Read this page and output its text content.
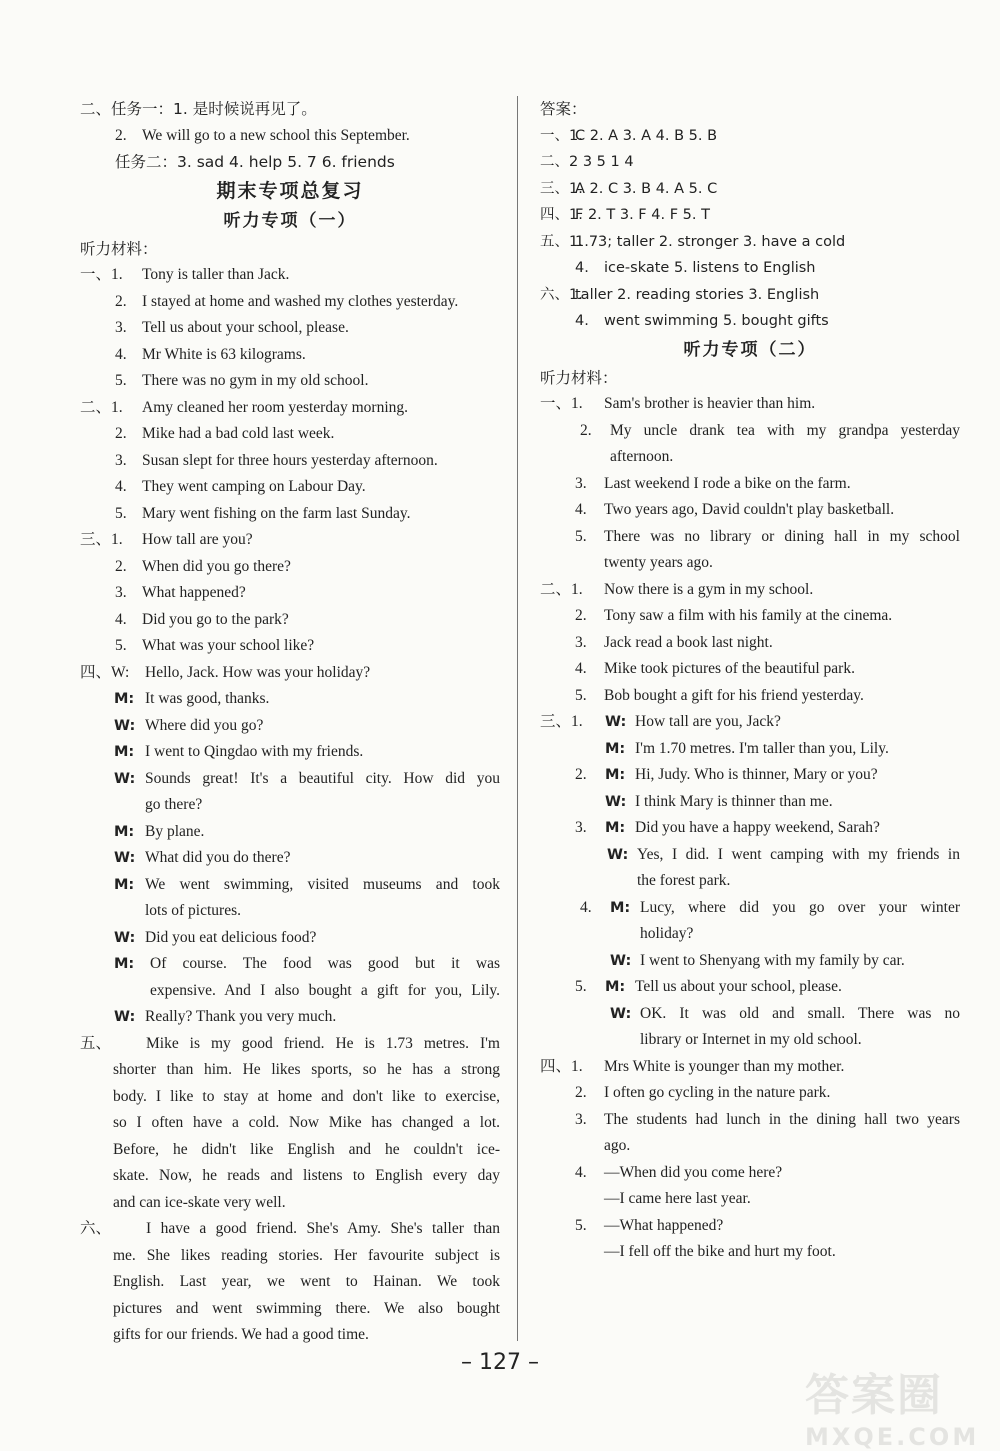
二、任务一：1. 是时候说再见了。
2. We will go to a new school this September.
任务二：3. sad 4. help 5. 7 6. friends
期末专项总复习
听力专项（一）
听力材料：
一、1. Tony is taller than Jack.
2. I stayed at home and washed my clothes yesterday.
3. Tell us about your school, please.
4. Mr White is 63 kilograms.
5. There was no gym in my old school.
二、1. Amy cleaned her room yesterday morning.
2. Mike had a bad cold last week.
3. Susan slept for three hours yesterday afternoon.
4. They went camping on Labour Day.
5. Mary went fishing on the farm last Sunday.
三、1. How tall are you?
2. When did you go there?
3. What happened?
4. Did you go to the park?
5. What was your school like?
四、W: Hello, Jack. How was your holiday?
M: It was good, thanks.
W: Where did you go?
M: I went to Qingdao with my friends.
W: Sounds great! It's a beautiful city. How did you
go there?
M: By plane.
W: What did you do there?
M: We went swimming, visited museums and took
lots of pictures.
W: Did you eat delicious food?
M: Of course. The food was good but it was
expensive. And I also bought a gift for you, Lily.
W: Really? Thank you very much.
五、 Mike is my good friend. He is 1.73 metres. I'm
shorter than him. He likes sports, so he has a strong
body. I like to stay at home and don't like to exercise,
so I often have a cold. Now Mike has changed a lot.
Before, he didn't like English and he couldn't ice-
skate. Now, he reads and listens to English every day
and can ice-skate very well.
六、 I have a good friend. She's Amy. She's taller than
me. She likes reading stories. Her favourite subject is
English. Last year, we went to Hainan. We took
pictures and went swimming there. We also bought
gifts for our friends. We had a good time.
答案：
一、1.
C 2. A 3. A 4. B 5. B
二、2 3 5 1 4
三、1.
A 2. C 3. B 4. A 5. C
四、1.
F 2. T 3. F 4. F 5. T
五、1.
1.73; taller 2. stronger 3. have a cold
4. ice-skate 5. listens to English
六、1.
taller 2. reading stories 3. English
4. went swimming 5. bought gifts
听力专项（二）
听力材料：
一、1. Sam's brother is heavier than him.
2. My uncle drank tea with my grandpa yesterday
afternoon.
3. Last weekend I rode a bike on the farm.
4. Two years ago, David couldn't play basketball.
5. There was no library or dining hall in my school
twenty years ago.
二、1. Now there is a gym in my school.
2. Tony saw a film with his family at the cinema.
3. Jack read a book last night.
4. Mike took pictures of the beautiful park.
5. Bob bought a gift for his friend yesterday.
三、1. W: How tall are you, Jack?
M: I'm 1.70 metres. I'm taller than you, Lily.
2. M: Hi, Judy. Who is thinner, Mary or you?
W: I think Mary is thinner than me.
3. M: Did you have a happy weekend, Sarah?
W: Yes, I did. I went camping with my friends in
the forest park.
4. M: Lucy, where did you go over your winter
holiday?
W: I went to Shenyang with my family by car.
5. M: Tell us about your school, please.
W: OK. It was old and small. There was no
library or Internet in my old school.
四、1. Mrs White is younger than my mother.
2. I often go cycling in the nature park.
3. The students had lunch in the dining hall two years
ago.
4. —When did you come here?
—I came here last year.
5. —What happened?
—I fell off the bike and hurt my foot.
– 127 –
答案圈
MXQE.COM
